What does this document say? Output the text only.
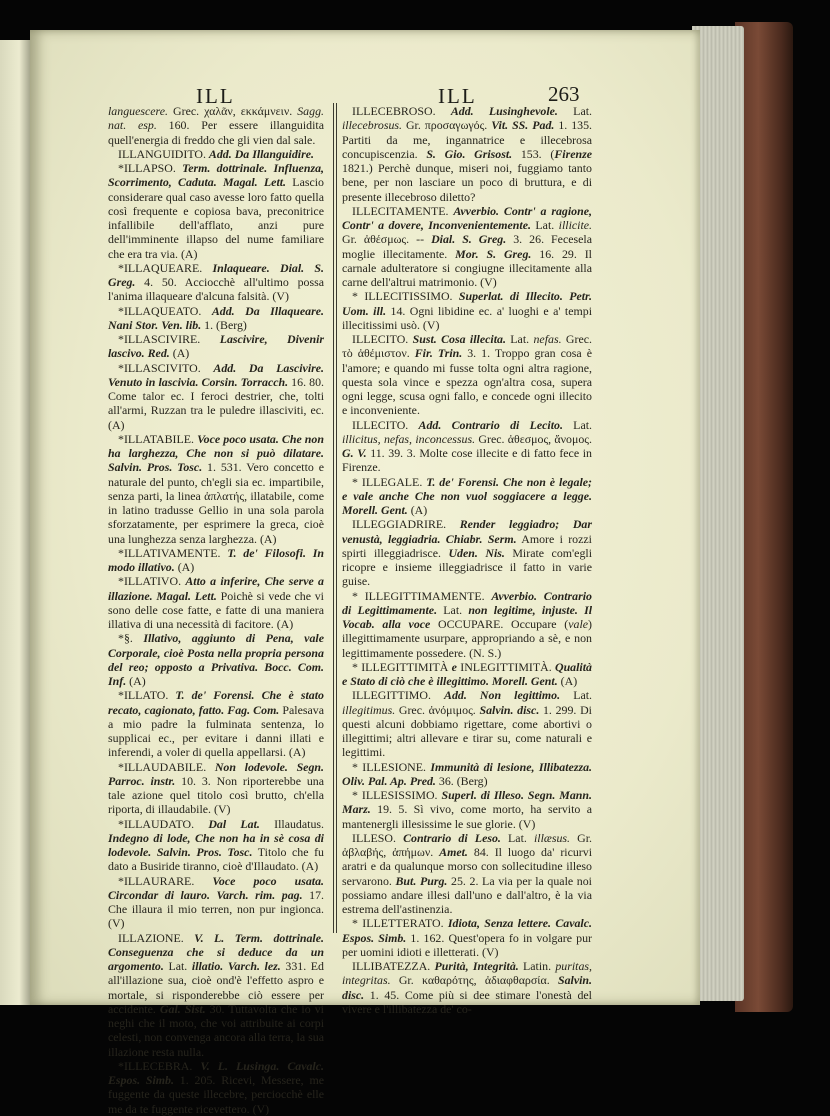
ILL	ILL	263

languescere. Grec. χαλᾶν, εκκάμνειν. Sagg. nat. esp. 160. Per essere illanguidita quell'energia di freddo che gli vien dal sale.

ILLANGUIDITO. Add. Da Illanguidire.

*ILLAPSO. Term. dottrinale. Influenza, Scorrimento, Caduta. Magal. Lett. Lascio considerare qual caso avesse loro fatto quella così frequente e copiosa bava, preconitrice infallibile dell'afflato, anzi pure dell'imminente illapso del nume familiare che era tra via. (A)

*ILLAQUEARE. Inlaqueare. Dial. S. Greg. 4. 50. Acciocchè all'ultimo possa l'anima illaqueare d'alcuna falsità. (V)

*ILLAQUEATO. Add. Da Illaqueare. Nani Stor. Ven. lib. 1. (Berg)

*ILLASCIVIRE. Lascivire, Divenir lascivo. Red. (A)

*ILLASCIVITO. Add. Da Lascivire. Venuto in lascivia. Corsin. Torracch. 16. 80. Come talor ec. I feroci destrier, che, tolti all'armi, Ruzzan tra le puledre illasciviti, ec. (A)

*ILLATABILE. Voce poco usata. Che non ha larghezza, Che non si può dilatare. Salvin. Pros. Tosc. 1. 531. Vero concetto e naturale del punto, ch'egli sia ec. impartibile, senza parti, la linea ἀπλατής, illatabile, come in latino tradusse Gellio in una sola parola sforzatamente, per esprimere la greca, cioè una lunghezza senza larghezza. (A)

*ILLATIVAMENTE. T. de' Filosofi. In modo illativo. (A)

*ILLATIVO. Atto a inferire, Che serve a illazione. Magal. Lett. Poichè si vede che vi sono delle cose fatte, e fatte di una maniera illativa di una necessità di facitore. (A)

*§. Illativo, aggiunto di Pena, vale Corporale, cioè Posta nella propria persona del reo; opposto a Privativa. Bocc. Com. Inf. (A)

*ILLATO. T. de' Forensi. Che è stato recato, cagionato, fatto. Fag. Com. Palesava a mio padre la fulminata sentenza, lo supplicai ec., per evitare i danni illati e inferendi, a voler di quella appellarsi. (A)

*ILLAUDABILE. Non lodevole. Segn. Parroc. instr. 10. 3. Non riporterebbe una tale azione quel titolo così brutto, ch'ella riporta, di illaudabile. (V)

*ILLAUDATO. Dal Lat. Illaudatus. Indegno di lode, Che non ha in sè cosa di lodevole. Salvin. Pros. Tosc. Titolo che fu dato a Busiride tiranno, cioè d'Illaudato. (A)

*ILLAURARE. Voce poco usata. Circondar di lauro. Varch. rim. pag. 17. Che illaura il mio terren, non pur ingionca. (V)

ILLAZIONE. V. L. Term. dottrinale. Conseguenza che si deduce da un argomento. Lat. illatio. Varch. lez. 331. Ed all'illazione sua, cioè ond'è l'effetto aspro e mortale, si risponderebbe ciò essere per accidente. Gal. Sist. 30. Tuttavolta che io vi neghi che il moto, che voi attribuite ai corpi celesti, non convenga ancora alla terra, la sua illazione resta nulla.

*ILLECEBRA. V. L. Lusinga. Cavalc. Espos. Simb. 1. 205. Ricevi, Messere, me fuggente da queste illecebre, perciocchè elle me da te fuggente ricevettero. (V)

ILLECEBROSO. Add. Lusinghevole. Lat. illecebrosus. Gr. προσαγωγός. Vit. SS. Pad. 1. 135. Partiti da me, ingannatrice e illecebrosa concupiscenzia. S. Gio. Grisost. 153. (Firenze 1821.) Perchè dunque, miseri noi, fuggiamo tanto bene, per non lasciare un poco di bruttura, e di presente illecebroso diletto?

ILLECITAMENTE. Avverbio. Contr' a ragione, Contr' a dovere, Inconvenientemente. Lat. illicite. Gr. ἀθέσμως. -- Dial. S. Greg. 3. 26. Fecesela moglie illecitamente. Mor. S. Greg. 16. 29. Il carnale adulteratore si congiugne illecitamente alla carne dell'altrui matrimonio. (V)

* ILLECITISSIMO. Superlat. di Illecito. Petr. Uom. ill. 14. Ogni libidine ec. a' luoghi e a' tempi illecitissimi usò. (V)

ILLECITO. Sust. Cosa illecita. Lat. nefas. Grec. τὸ ἀθέμιστον. Fir. Trin. 3. 1. Troppo gran cosa è l'amore; e quando mi fusse tolta ogni altra ragione, questa sola vince e spezza ogn'altra cosa, supera ogni legge, scusa ogni fallo, e concede ogni illecito e inconveniente.

ILLECITO. Add. Contrario di Lecito. Lat. illicitus, nefas, inconcessus. Grec. ἀθεσμος, ἄνομος. G. V. 11. 39. 3. Molte cose illecite e di fatto fece in Firenze.

* ILLEGALE. T. de' Forensi. Che non è legale; e vale anche Che non vuol soggiacere a legge. Morell. Gent. (A)

ILLEGGIADRIRE. Render leggiadro; Dar venustà, leggiadria. Chiabr. Serm. Amore i rozzi spirti illeggiadrisce. Uden. Nis. Mirate com'egli ricopre e insieme illeggiadrisce il fatto in varie guise.

* ILLEGITTIMAMENTE. Avverbio. Contrario di Legittimamente. Lat. non legitime, injuste. Il Vocab. alla voce OCCUPARE. Occupare (vale) illegittimamente usurpare, appropriando a sè, e non legittimamente possedere. (N. S.)

* ILLEGITTIMITÀ e INLEGITTIMITÀ. Qualità e Stato di ciò che è illegittimo. Morell. Gent. (A)

ILLEGITTIMO. Add. Non legittimo. Lat. illegitimus. Grec. ἀνόμιμος. Salvin. disc. 1. 299. Di questi alcuni dobbiamo rigettare, come abortivi o illegittimi; altri allevare e tirar su, come naturali e legittimi.

* ILLESIONE. Immunità di lesione, Illibatezza. Oliv. Pal. Ap. Pred. 36. (Berg)

* ILLESISSIMO. Superl. di Illeso. Segn. Mann. Marz. 19. 5. Sì vivo, come morto, ha servito a mantenergli illesissime le sue glorie. (V)

ILLESO. Contrario di Leso. Lat. illæsus. Gr. ἀβλαβής, ἀπήμων. Amet. 84. Il luogo da' ricurvi aratri e da qualunque morso con sollecitudine illeso servarono. But. Purg. 25. 2. La via per la quale noi possiamo andare illesi dall'uno e dall'altro, è la via estrema dell'astinenzia.

* ILLETTERATO. Idiota, Senza lettere. Cavalc. Espos. Simb. 1. 162. Quest'opera fo in volgare pur per uomini idioti e illetterati. (V)

ILLIBATEZZA. Purità, Integrità. Latin. puritas, integritas. Gr. καθαρότης, ἀδιαφθαρσία. Salvin. disc. 1. 45. Come più si dee stimare l'onestà del vivere e l'illibatezza de' co-
